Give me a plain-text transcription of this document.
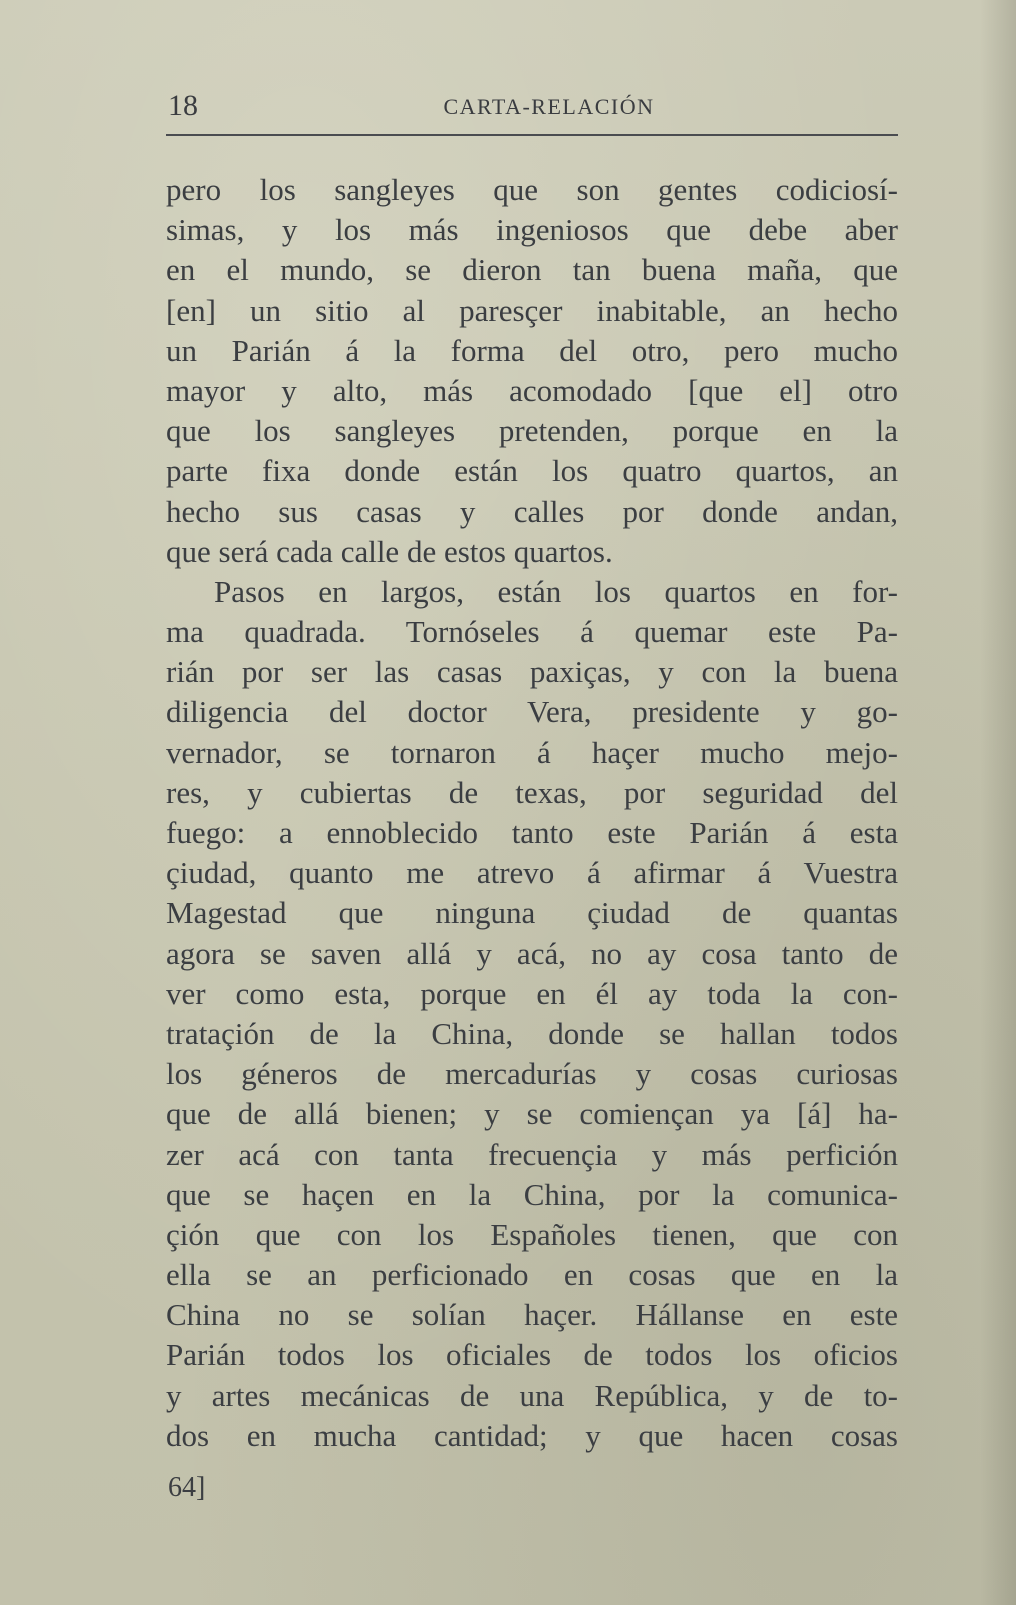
18	CARTA-RELACIÓN
pero los sangleyes que son gentes codiciosí-
simas, y los más ingeniosos que debe aber
en el mundo, se dieron tan buena maña, que
[en] un sitio al paresçer inabitable, an hecho
un Parián á la forma del otro, pero mucho
mayor y alto, más acomodado [que el] otro
que los sangleyes pretenden, porque en la
parte fixa donde están los quatro quartos, an
hecho sus casas y calles por donde andan,
que será cada calle de estos quartos.
Pasos en largos, están los quartos en for-
ma quadrada. Tornóseles á quemar este Pa-
rián por ser las casas paxiças, y con la buena
diligencia del doctor Vera, presidente y go-
vernador, se tornaron á haçer mucho mejo-
res, y cubiertas de texas, por seguridad del
fuego: a ennoblecido tanto este Parián á esta
çiudad, quanto me atrevo á afirmar á Vuestra
Magestad que ninguna çiudad de quantas
agora se saven allá y acá, no ay cosa tanto de
ver como esta, porque en él ay toda la con-
trataçión de la China, donde se hallan todos
los géneros de mercadurías y cosas curiosas
que de allá bienen; y se comiençan ya [á] ha-
zer acá con tanta frecuençia y más perfición
que se haçen en la China, por la comunica-
çión que con los Españoles tienen, que con
ella se an perficionado en cosas que en la
China no se solían haçer. Hállanse en este
Parián todos los oficiales de todos los oficios
y artes mecánicas de una República, y de to-
dos en mucha cantidad; y que hacen cosas
64]
